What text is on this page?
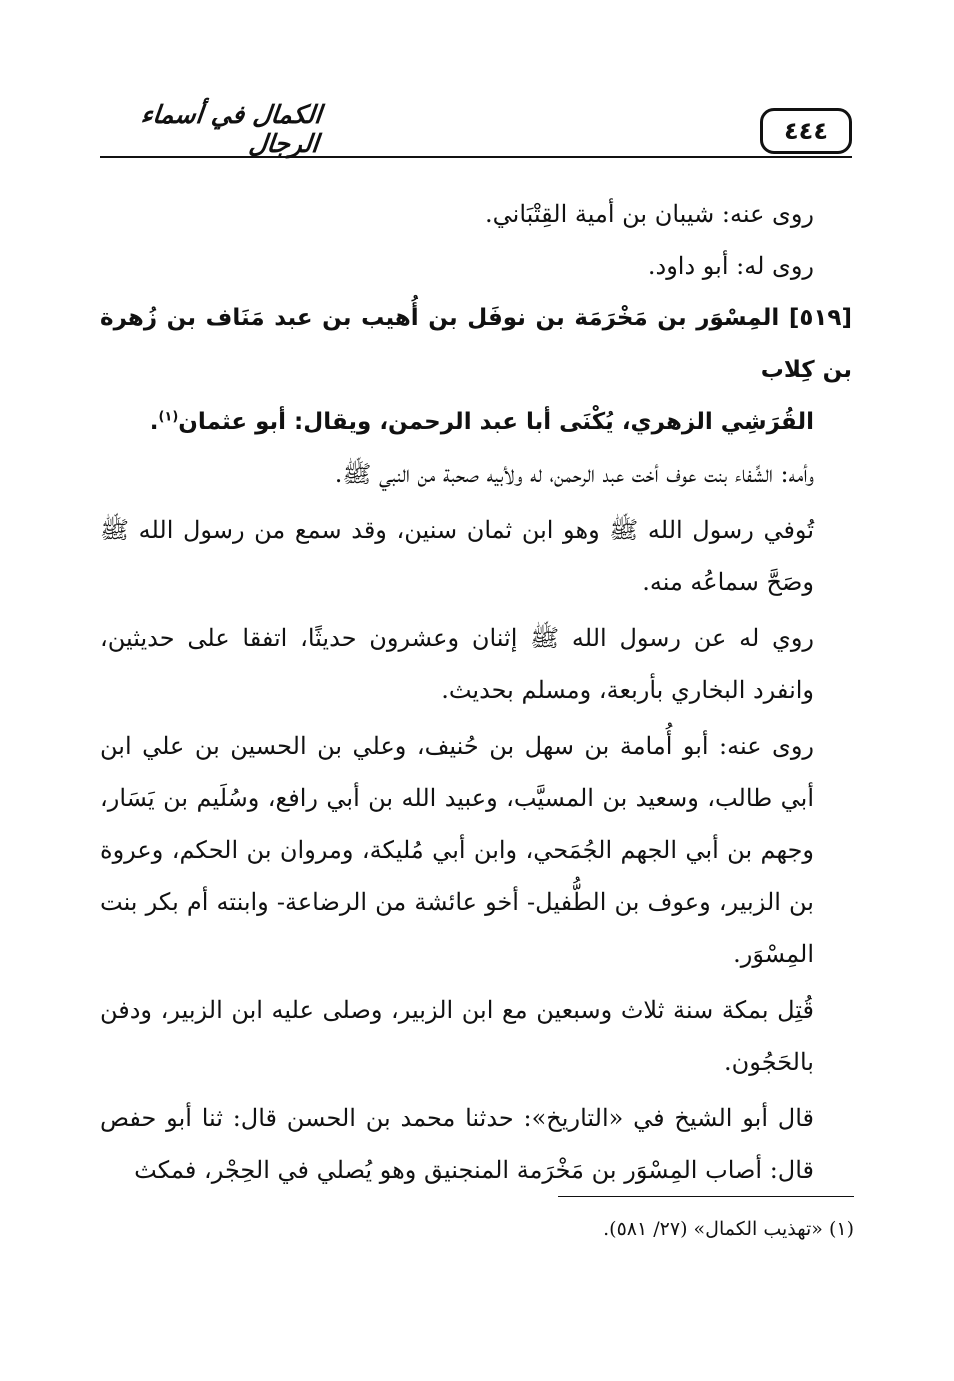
٤٤٤
الكمال في أسماء الرجال

روى عنه: شيبان بن أمية القِتْبَاني.

روى له: أبو داود.

[٥١٩] المِسْوَر بن مَخْرَمَة بن نوفَل بن أُهيب بن عبد مَنَاف بن زُهرة بن كِلاب
القُرَشِي الزهري، يُكْنَى أبا عبد الرحمن، ويقال: أبو عثمان$^{(١)}$.

وأمه: الشِّفاء بنت عوف أخت عبد الرحمن، له ولأبيه صحبة من النبي ﷺ.

تُوفي رسول الله ﷺ وهو ابن ثمان سنين، وقد سمع من رسول الله ﷺ وصَحَّ سماعُه منه.

روي له عن رسول الله ﷺ إثنان وعشرون حديثًا، اتفقا على حديثين، وانفرد البخاري بأربعة، ومسلم بحديث.

روى عنه: أبو أُمامة بن سهل بن حُنيف، وعلي بن الحسين بن علي ابن أبي طالب، وسعيد بن المسيَّب، وعبيد الله بن أبي رافع، وسُلَيم بن يَسَار، وجهم بن أبي الجهم الجُمَحي، وابن أبي مُليكة، ومروان بن الحكم، وعروة بن الزبير، وعوف بن الطُّفيل- أخو عائشة من الرضاعة- وابنته أم بكر بنت المِسْوَر.

قُتِل بمكة سنة ثلاث وسبعين مع ابن الزبير، وصلى عليه ابن الزبير، ودفن بالحَجُون.

قال أبو الشيخ في «التاريخ»: حدثنا محمد بن الحسن قال: ثنا أبو حفص قال: أصاب المِسْوَر بن مَخْرَمة المنجنيق وهو يُصلي في الحِجْر، فمكث

(١) «تهذيب الكمال» (٢٧/ ٥٨١).
